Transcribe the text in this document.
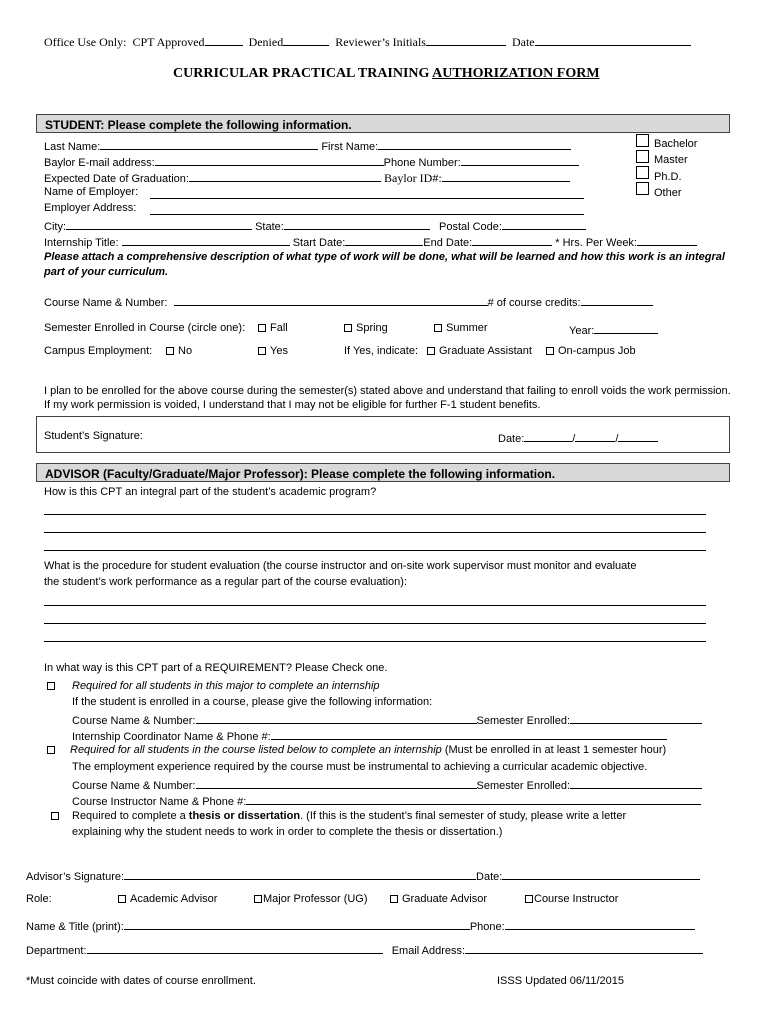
Office Use Only: CPT Approved	Denied	Reviewer’s Initials	Date
CURRICULAR PRACTICAL TRAINING AUTHORIZATION FORM
STUDENT: Please complete the following information.
Last Name:	First Name:
Baylor E-mail address:	Phone Number:
Expected Date of Graduation:	Baylor ID#:
Name of Employer:
Employer Address:
City:	State:	Postal Code:
Internship Title:	Start Date:	End Date:	* Hrs. Per Week:
Bachelor
Master
Ph.D.
Other
Please attach a comprehensive description of what type of work will be done, what will be learned and how this work is an integral part of your curriculum.
Course Name & Number:	# of course credits:
Semester Enrolled in Course (circle one):	Fall	Spring	Summer	Year:
Campus Employment:	No	Yes	If Yes, indicate:	Graduate Assistant	On-campus Job
I plan to be enrolled for the above course during the semester(s) stated above and understand that failing to enroll voids the work permission. If my work permission is voided, I understand that I may not be eligible for further F-1 student benefits.
Student’s Signature:	Date:	/	/
ADVISOR (Faculty/Graduate/Major Professor): Please complete the following information.
How is this CPT an integral part of the student’s academic program?
What is the procedure for student evaluation (the course instructor and on-site work supervisor must monitor and evaluate
the student’s work performance as a regular part of the course evaluation):
In what way is this CPT part of a REQUIREMENT? Please Check one.
Required for all students in this major to complete an internship
If the student is enrolled in a course, please give the following information:
Course Name & Number:	Semester Enrolled:
Internship Coordinator Name & Phone #:
Required for all students in the course listed below to complete an internship (Must be enrolled in at least 1 semester hour)
The employment experience required by the course must be instrumental to achieving a curricular academic objective.
Course Name & Number:	Semester Enrolled:
Course Instructor Name & Phone #:
Required to complete a thesis or dissertation. (If this is the student’s final semester of study, please write a letter
explaining why the student needs to work in order to complete the thesis or dissertation.)
Advisor’s Signature:	Date:
Role:	Academic Advisor	Major Professor (UG)	Graduate Advisor	Course Instructor
Name & Title (print):	Phone:
Department:	Email Address:
*Must coincide with dates of course enrollment.	ISSS Updated 06/11/2015
